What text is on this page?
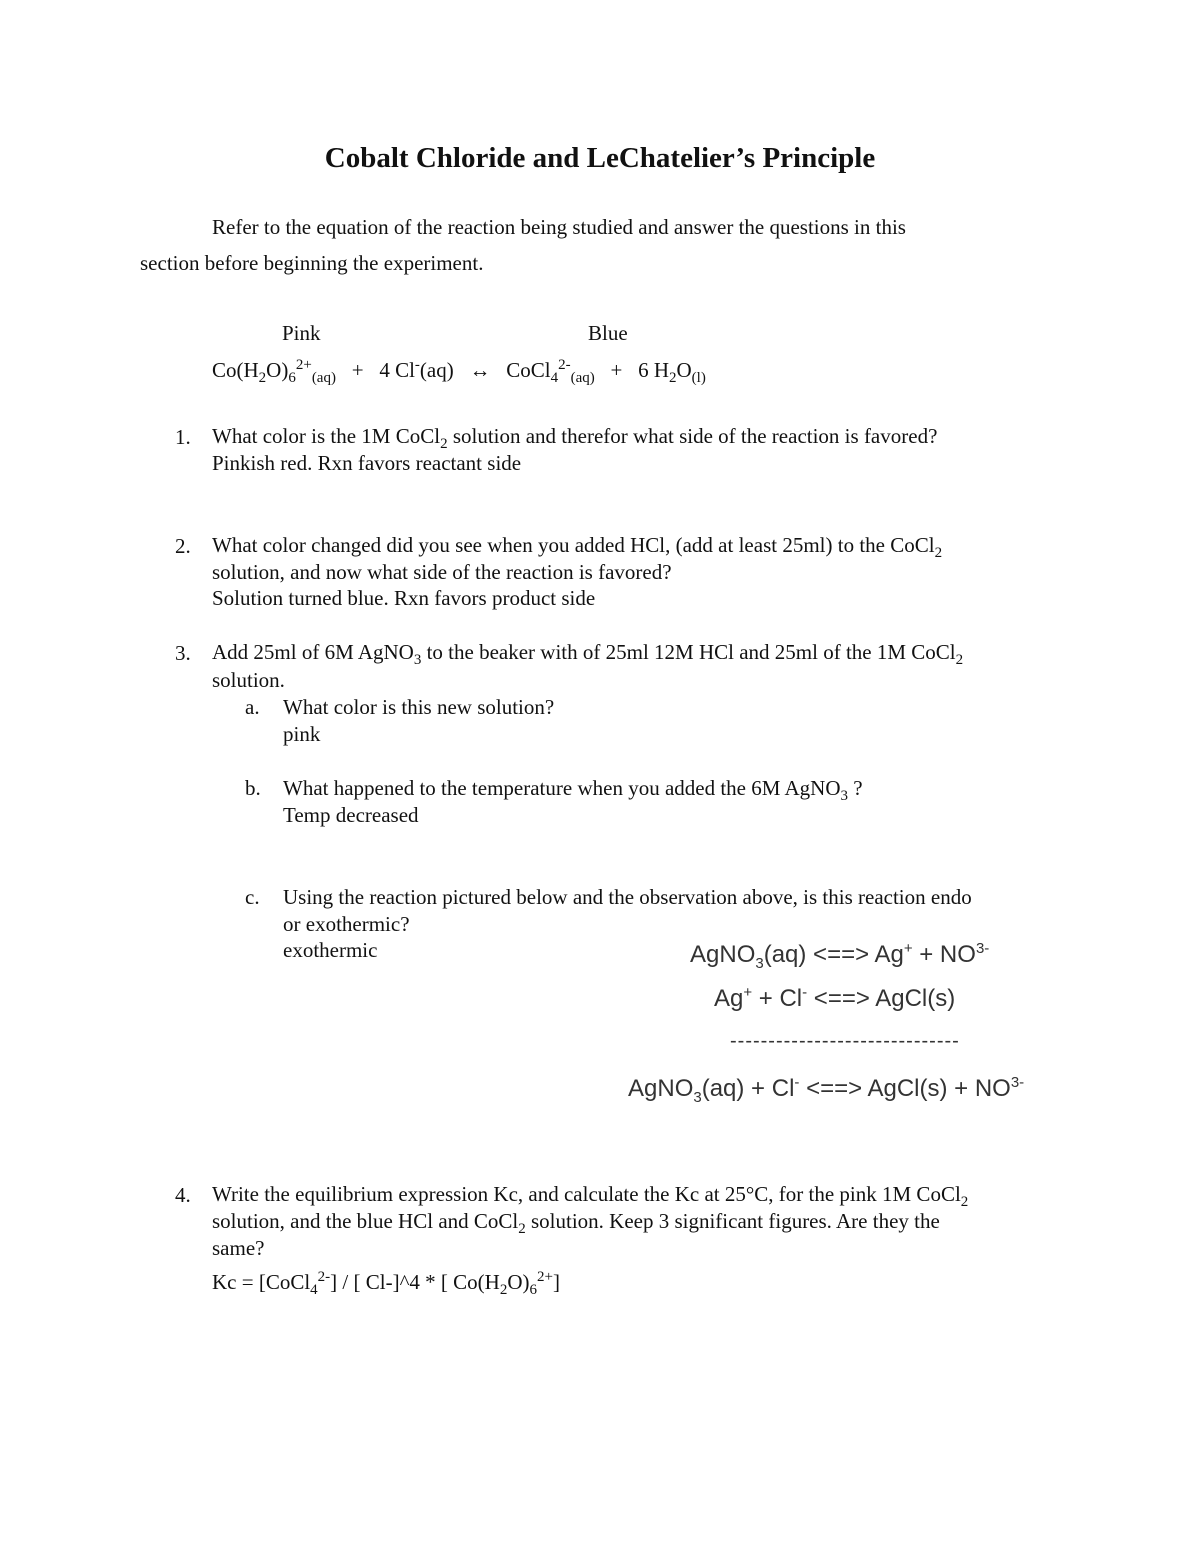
Cobalt Chloride and LeChatelier’s Principle
Refer to the equation of the reaction being studied and answer the questions in this
section before beginning the experiment.
Pink	Blue
$Co(H_2O)_6^{2+}_{(aq)} + 4$ Cl-(aq) ↔ CoCl$_4^{2-}_{(aq)}$ + 6 $H_2O_{(l)}$
1. What color is the 1M CoCl$_2$ solution and therefor what side of the reaction is favored?
Pinkish red. Rxn favors reactant side
2. What color changed did you see when you added HCl, (add at least 25ml) to the CoCl$_2$
solution, and now what side of the reaction is favored?
Solution turned blue. Rxn favors product side
3. Add 25ml of 6M AgNO$_3$ to the beaker with of 25ml 12M HCl and 25ml of the 1M CoCl$_2$
solution.
a. What color is this new solution?
pink
b. What happened to the temperature when you added the 6M AgNO$_3$ ?
Temp decreased
c. Using the reaction pictured below and the observation above, is this reaction endo
or exothermic?
exothermic	AgNO$_3$(aq) <==> $Ag^+ + NO^{3-}$
Ag+ + Cl- <==> AgCl(s)
------------------------------
AgNO$_3$(aq) + Cl- <==> AgCl(s) + $NO^{3-}$
4. Write the equilibrium expression Kc, and calculate the Kc at 25°C, for the pink 1M CoCl$_2$
solution, and the blue HCl and CoCl$_2$ solution. Keep 3 significant figures. Are they the
same?
Kc = [CoCl$_4^{2-}$] / [ Cl-]^4 * [ $Co(H_2O)_6^{2+}$]
